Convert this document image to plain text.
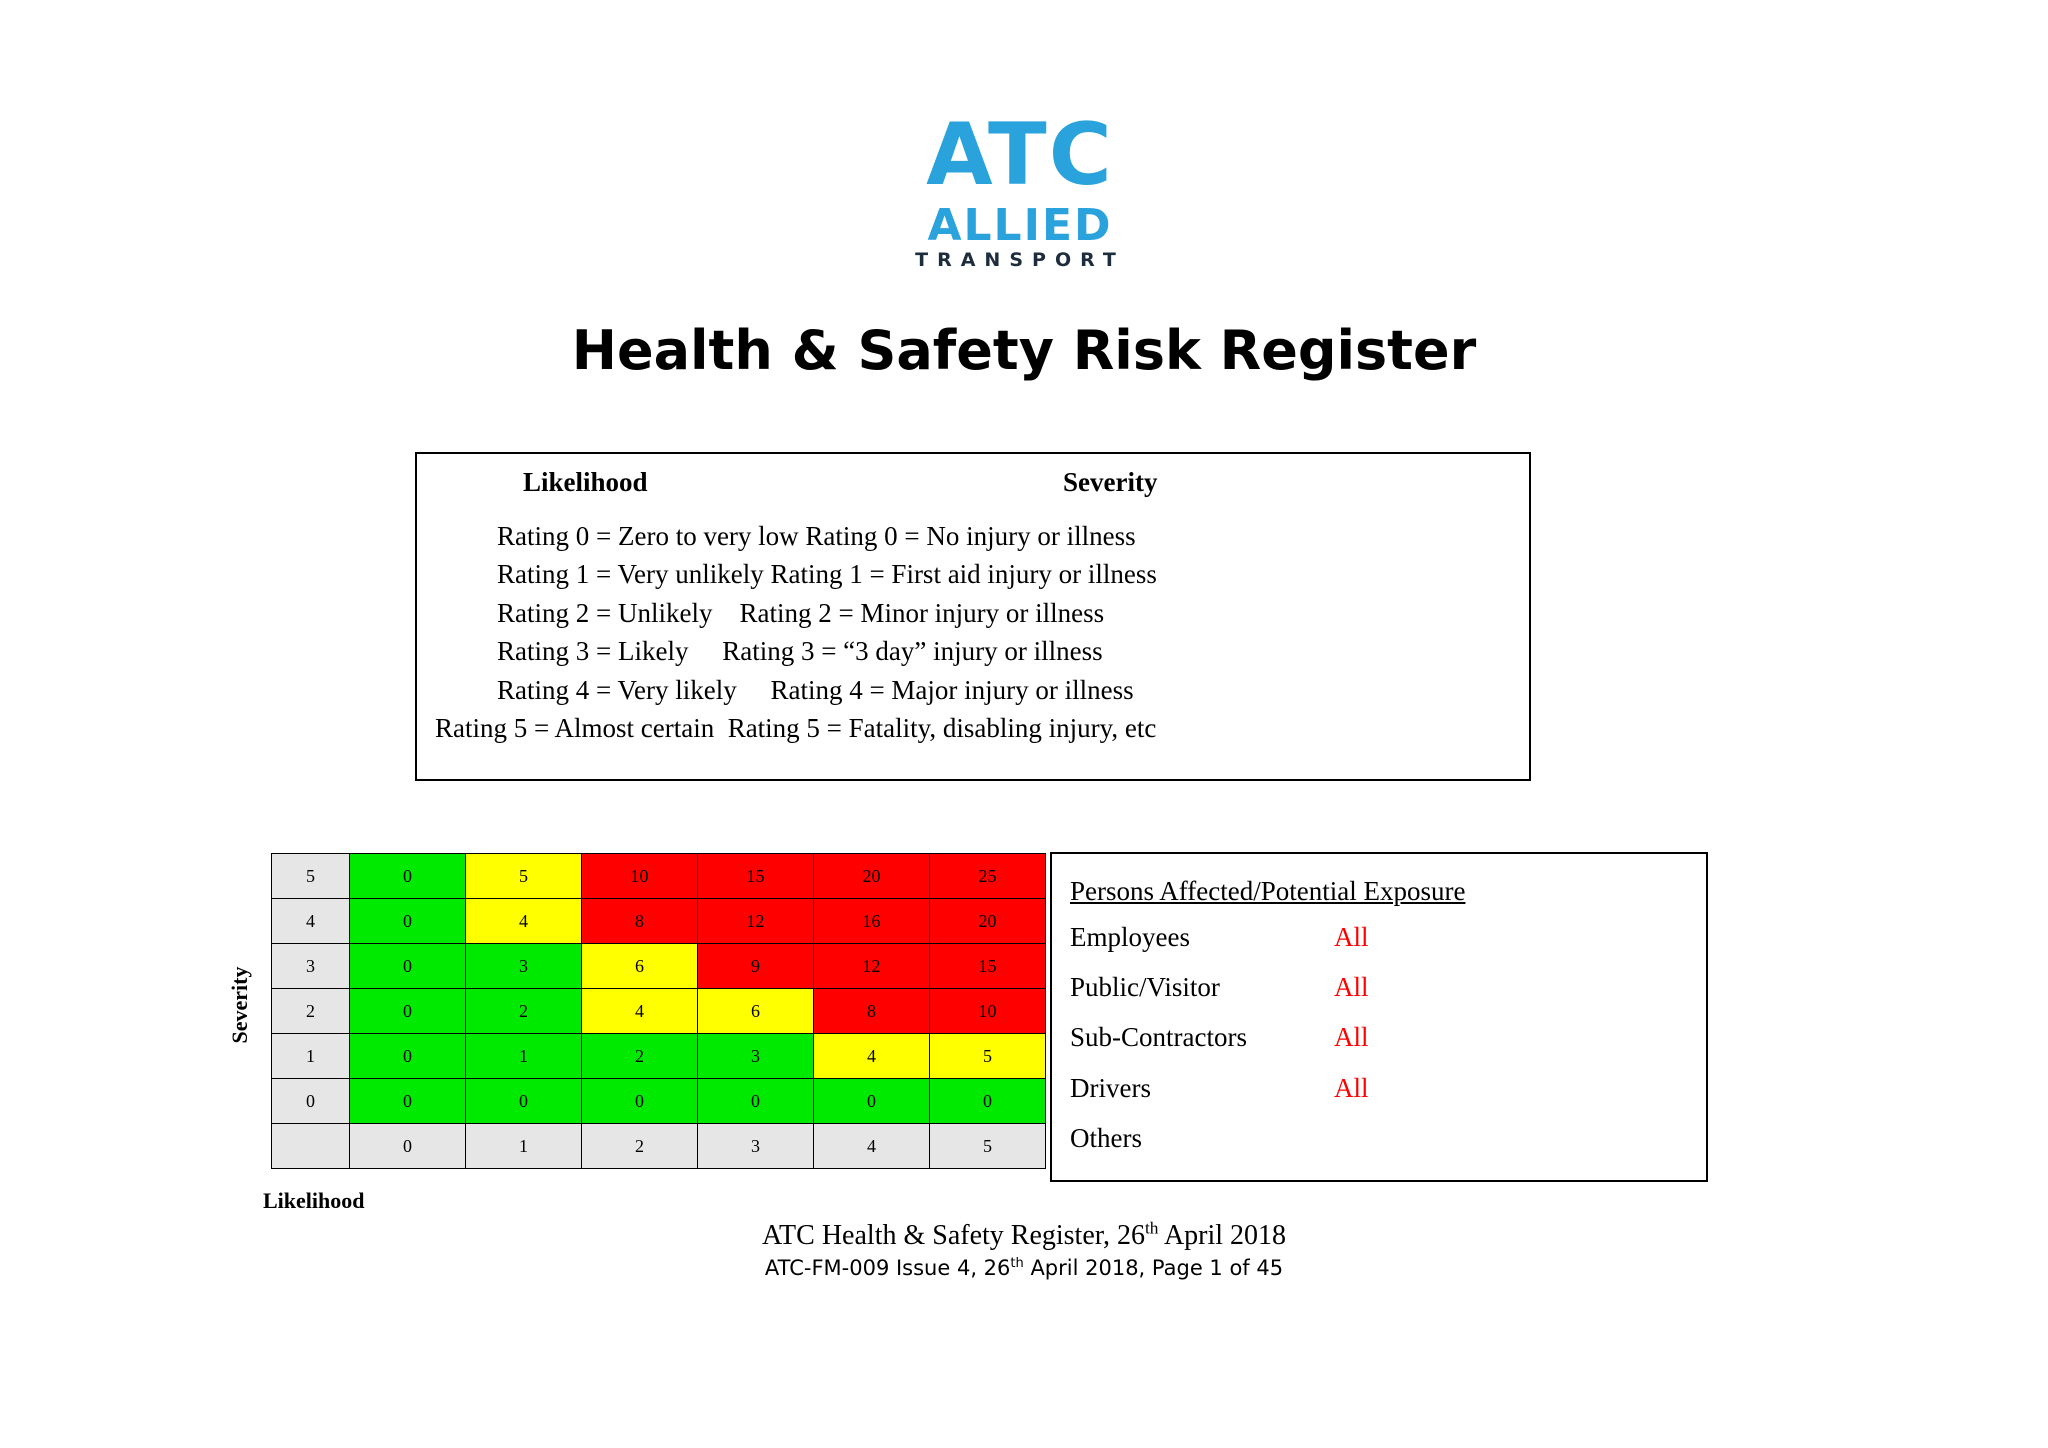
ATC
ALLIED
TRANSPORT
Health & Safety Risk Register
Likelihood	Severity
Rating 0 = Zero to very low Rating 0 = No injury or illness
Rating 1 = Very unlikely Rating 1 = First aid injury or illness
Rating 2 = Unlikely    Rating 2 = Minor injury or illness
Rating 3 = Likely     Rating 3 = “3 day” injury or illness
Rating 4 = Very likely     Rating 4 = Major injury or illness
Rating 5 = Almost certain  Rating 5 = Fatality, disabling injury, etc
Severity
5	0	5	10	15	20	25
4	0	4	8	12	16	20
3	0	3	6	9	12	15
2	0	2	4	6	8	10
1	0	1	2	3	4	5
0	0	0	0	0	0	0
	0	1	2	3	4	5
Likelihood
Persons Affected/Potential Exposure
Employees	All
Public/Visitor	All
Sub-Contractors	All
Drivers	All
Others
ATC Health & Safety Register, 26th April 2018
ATC-FM-009 Issue 4, 26th April 2018, Page 1 of 45
